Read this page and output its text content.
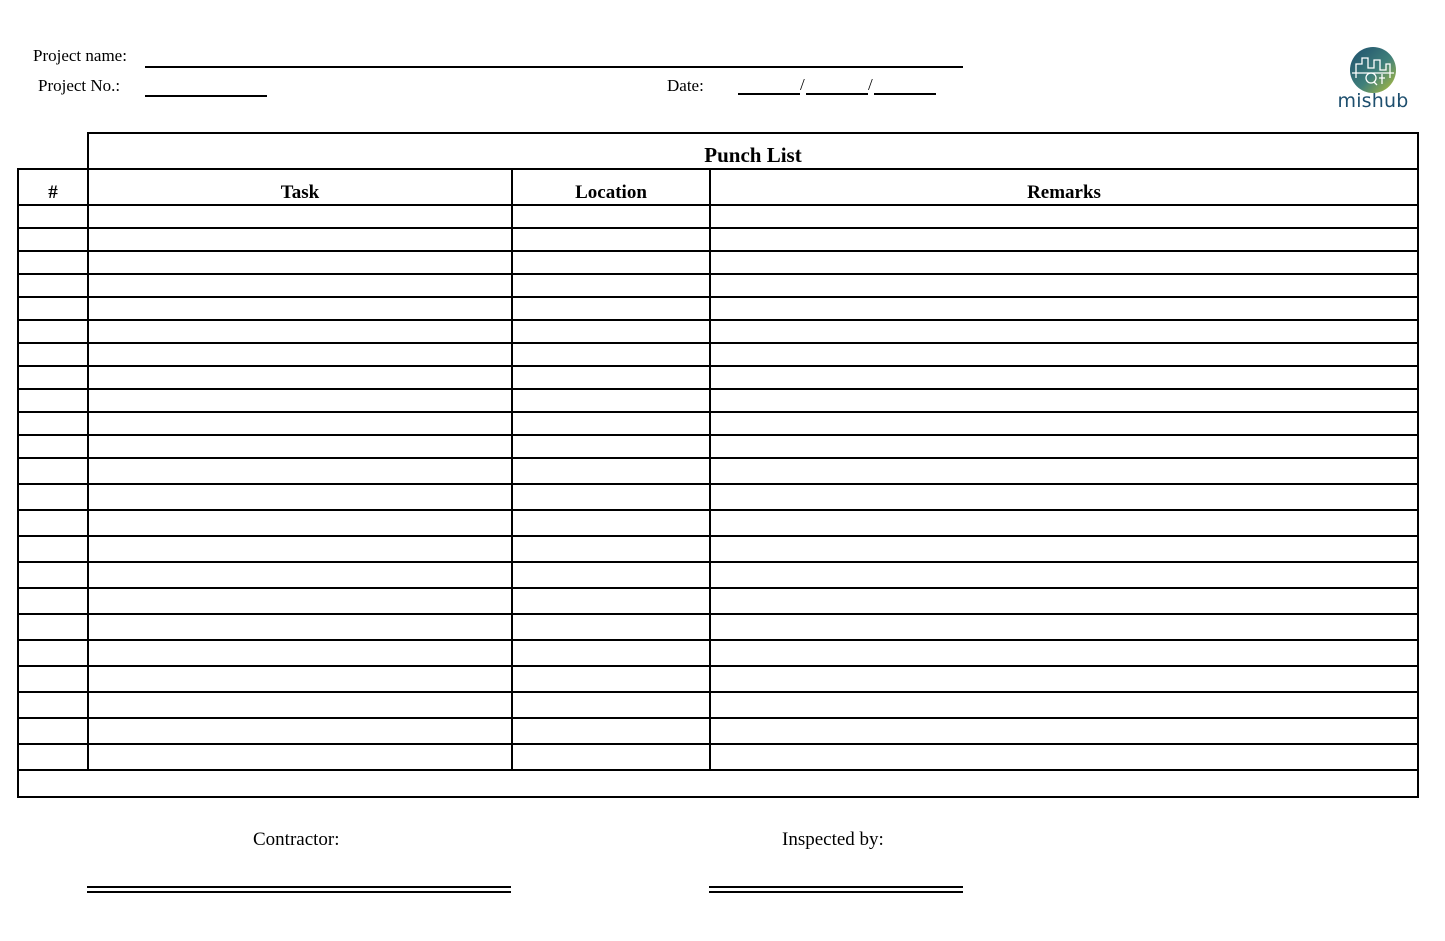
Project name:
Project No.:	Date:	/	/
mishub
	Punch List		
#	Task	Location	Remarks

Contractor:	Inspected by:
